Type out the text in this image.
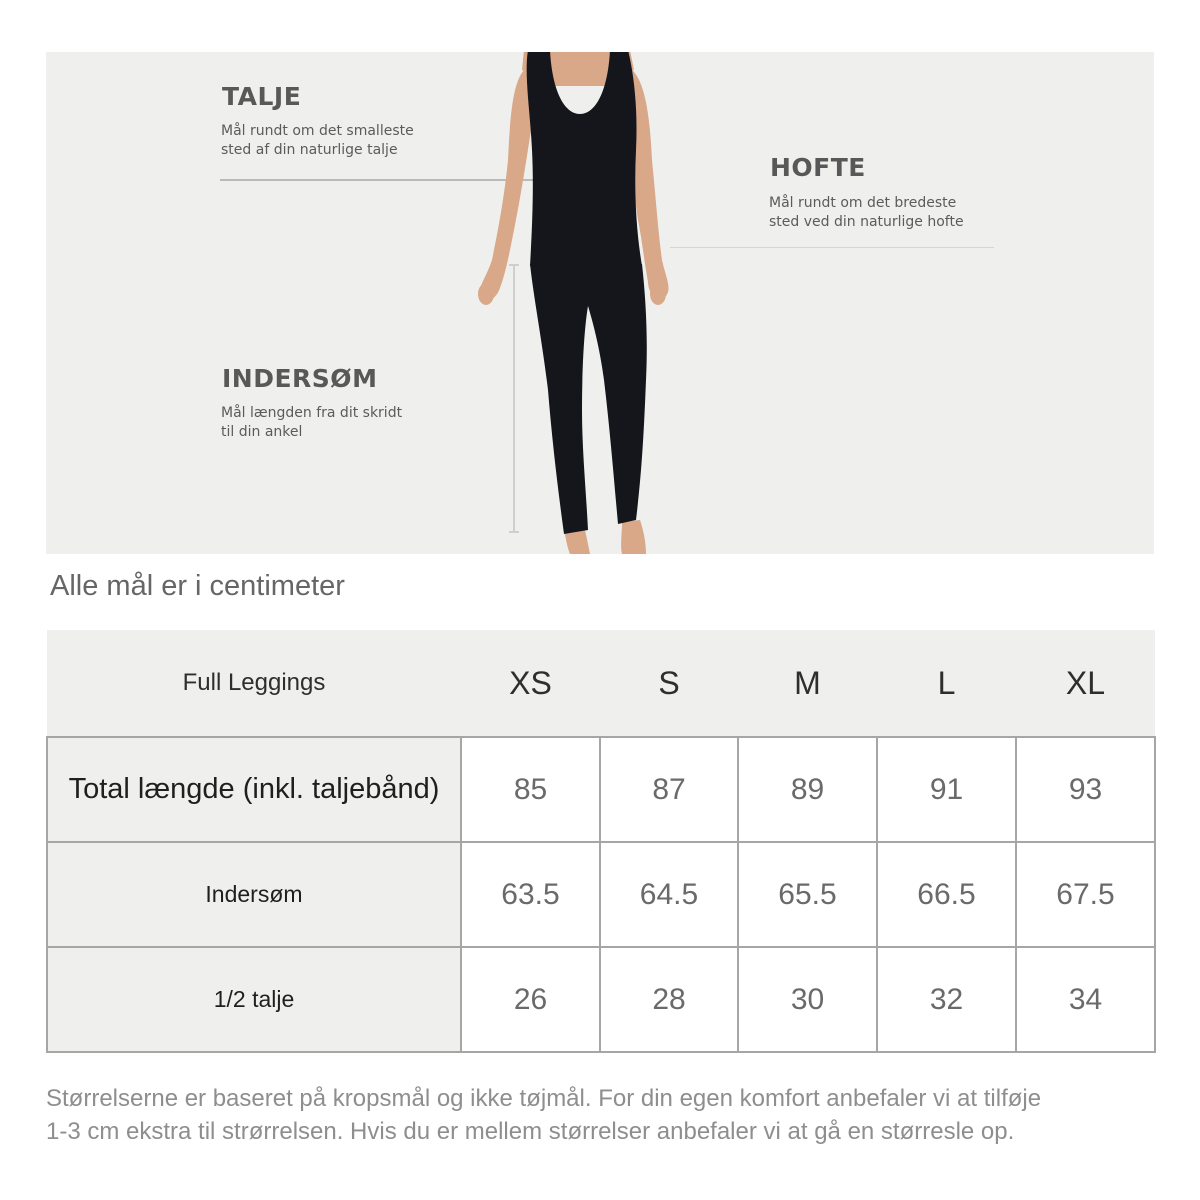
TALJE
Mål rundt om det smalleste
sted af din naturlige talje
HOFTE
Mål rundt om det bredeste
sted ved din naturlige hofte
INDERSØM
Mål længden fra dit skridt
til din ankel
Alle mål er i centimeter
Full Leggings	XS	S	M	L	XL
Total længde (inkl. taljebånd)	85	87	89	91	93
Indersøm	63.5	64.5	65.5	66.5	67.5
1/2 talje	26	28	30	32	34

Størrelserne er baseret på kropsmål og ikke tøjmål. For din egen komfort anbefaler vi at tilføje 1-3 cm ekstra til strørrelsen. Hvis du er mellem størrelser anbefaler vi at gå en størresle op.
